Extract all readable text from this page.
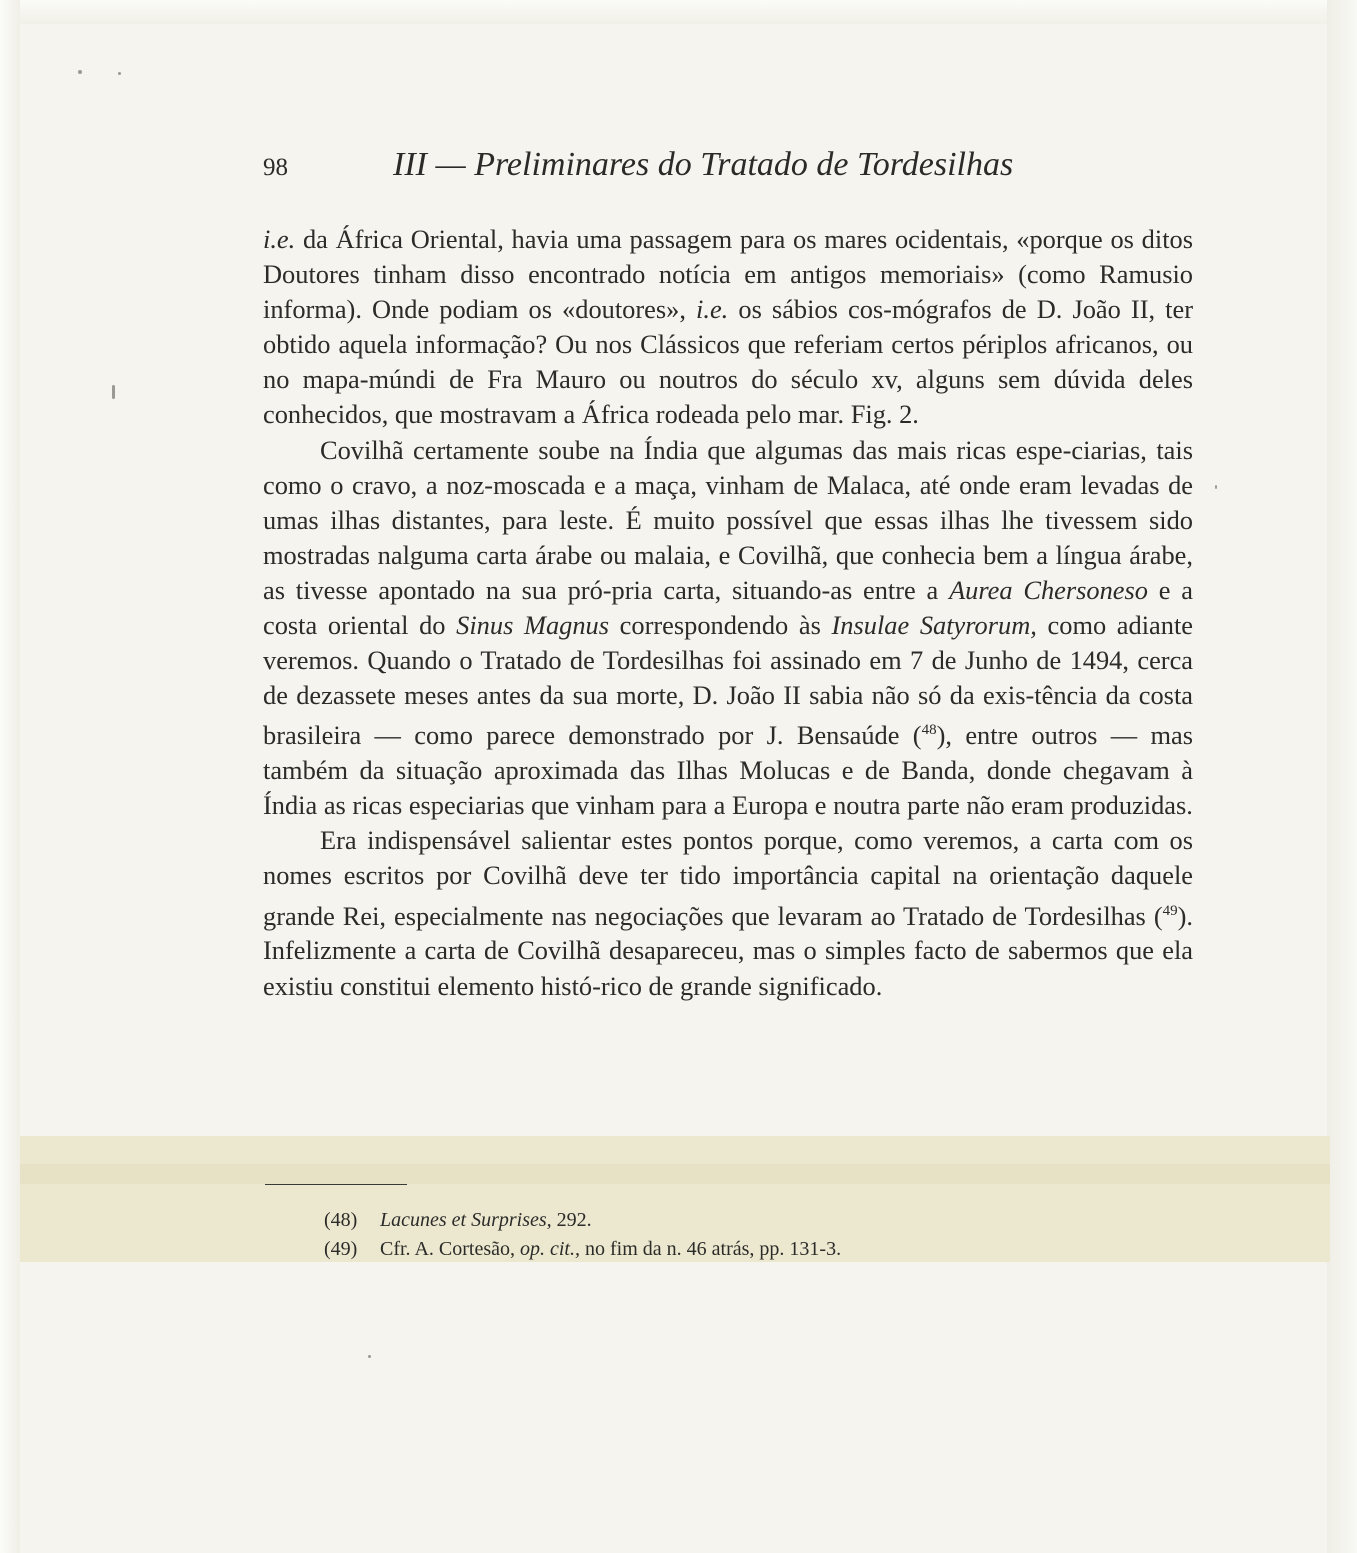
98	III — Preliminares do Tratado de Tordesilhas

i.e. da África Oriental, havia uma passagem para os mares ocidentais, «porque os ditos Doutores tinham disso encontrado notícia em antigos memoriais» (como Ramusio informa). Onde podiam os «doutores», i.e. os sábios cos-mógrafos de D. João II, ter obtido aquela informação? Ou nos Clássicos que referiam certos périplos africanos, ou no mapa-múndi de Fra Mauro ou noutros do século xv, alguns sem dúvida deles conhecidos, que mostravam a África rodeada pelo mar. Fig. 2.

Covilhã certamente soube na Índia que algumas das mais ricas espe-ciarias, tais como o cravo, a noz-moscada e a maça, vinham de Malaca, até onde eram levadas de umas ilhas distantes, para leste. É muito possível que essas ilhas lhe tivessem sido mostradas nalguma carta árabe ou malaia, e Covilhã, que conhecia bem a língua árabe, as tivesse apontado na sua pró-pria carta, situando-as entre a Aurea Chersoneso e a costa oriental do Sinus Magnus correspondendo às Insulae Satyrorum, como adiante veremos. Quando o Tratado de Tordesilhas foi assinado em 7 de Junho de 1494, cerca de dezassete meses antes da sua morte, D. João II sabia não só da exis-tência da costa brasileira — como parece demonstrado por J. Bensaúde ($^{48}$), entre outros — mas também da situação aproximada das Ilhas Molucas e de Banda, donde chegavam à Índia as ricas especiarias que vinham para a Europa e noutra parte não eram produzidas.

Era indispensável salientar estes pontos porque, como veremos, a carta com os nomes escritos por Covilhã deve ter tido importância capital na orientação daquele grande Rei, especialmente nas negociações que levaram ao Tratado de Tordesilhas ($^{49}$). Infelizmente a carta de Covilhã desapareceu, mas o simples facto de sabermos que ela existiu constitui elemento histó-rico de grande significado.

(48) Lacunes et Surprises, 292.
(49) Cfr. A. Cortesão, op. cit., no fim da n. 46 atrás, pp. 131-3.
